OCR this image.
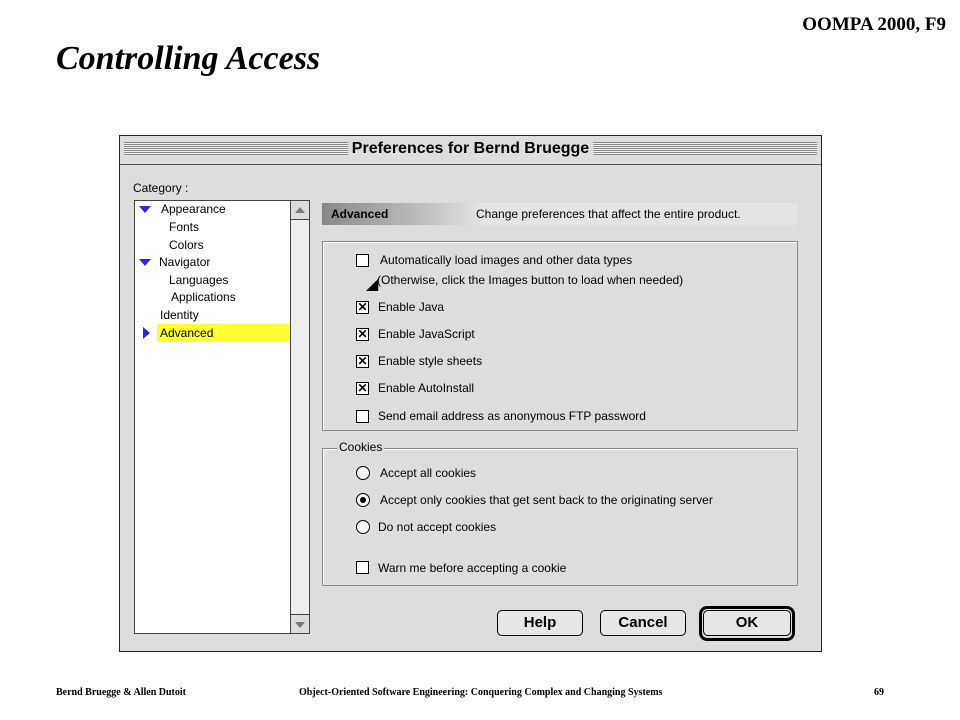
OOMPA 2000, F9
Controlling Access
Preferences for Bernd Bruegge
Category :
Appearance
Fonts
Colors
Navigator
Languages
Applications
Identity
Advanced
Advanced	Change preferences that affect the entire product.
Automatically load images and other data types
(Otherwise, click the Images button to load when needed)
◢
✕ Enable Java
✕ Enable JavaScript
✕ Enable style sheets
✕ Enable AutoInstall
Send email address as anonymous FTP password
Cookies
Accept all cookies
Accept only cookies that get sent back to the originating server
Do not accept cookies
Warn me before accepting a cookie
Help	Cancel	OK
Bernd Bruegge & Allen Dutoit	Object-Oriented Software Engineering: Conquering Complex and Changing Systems	69
